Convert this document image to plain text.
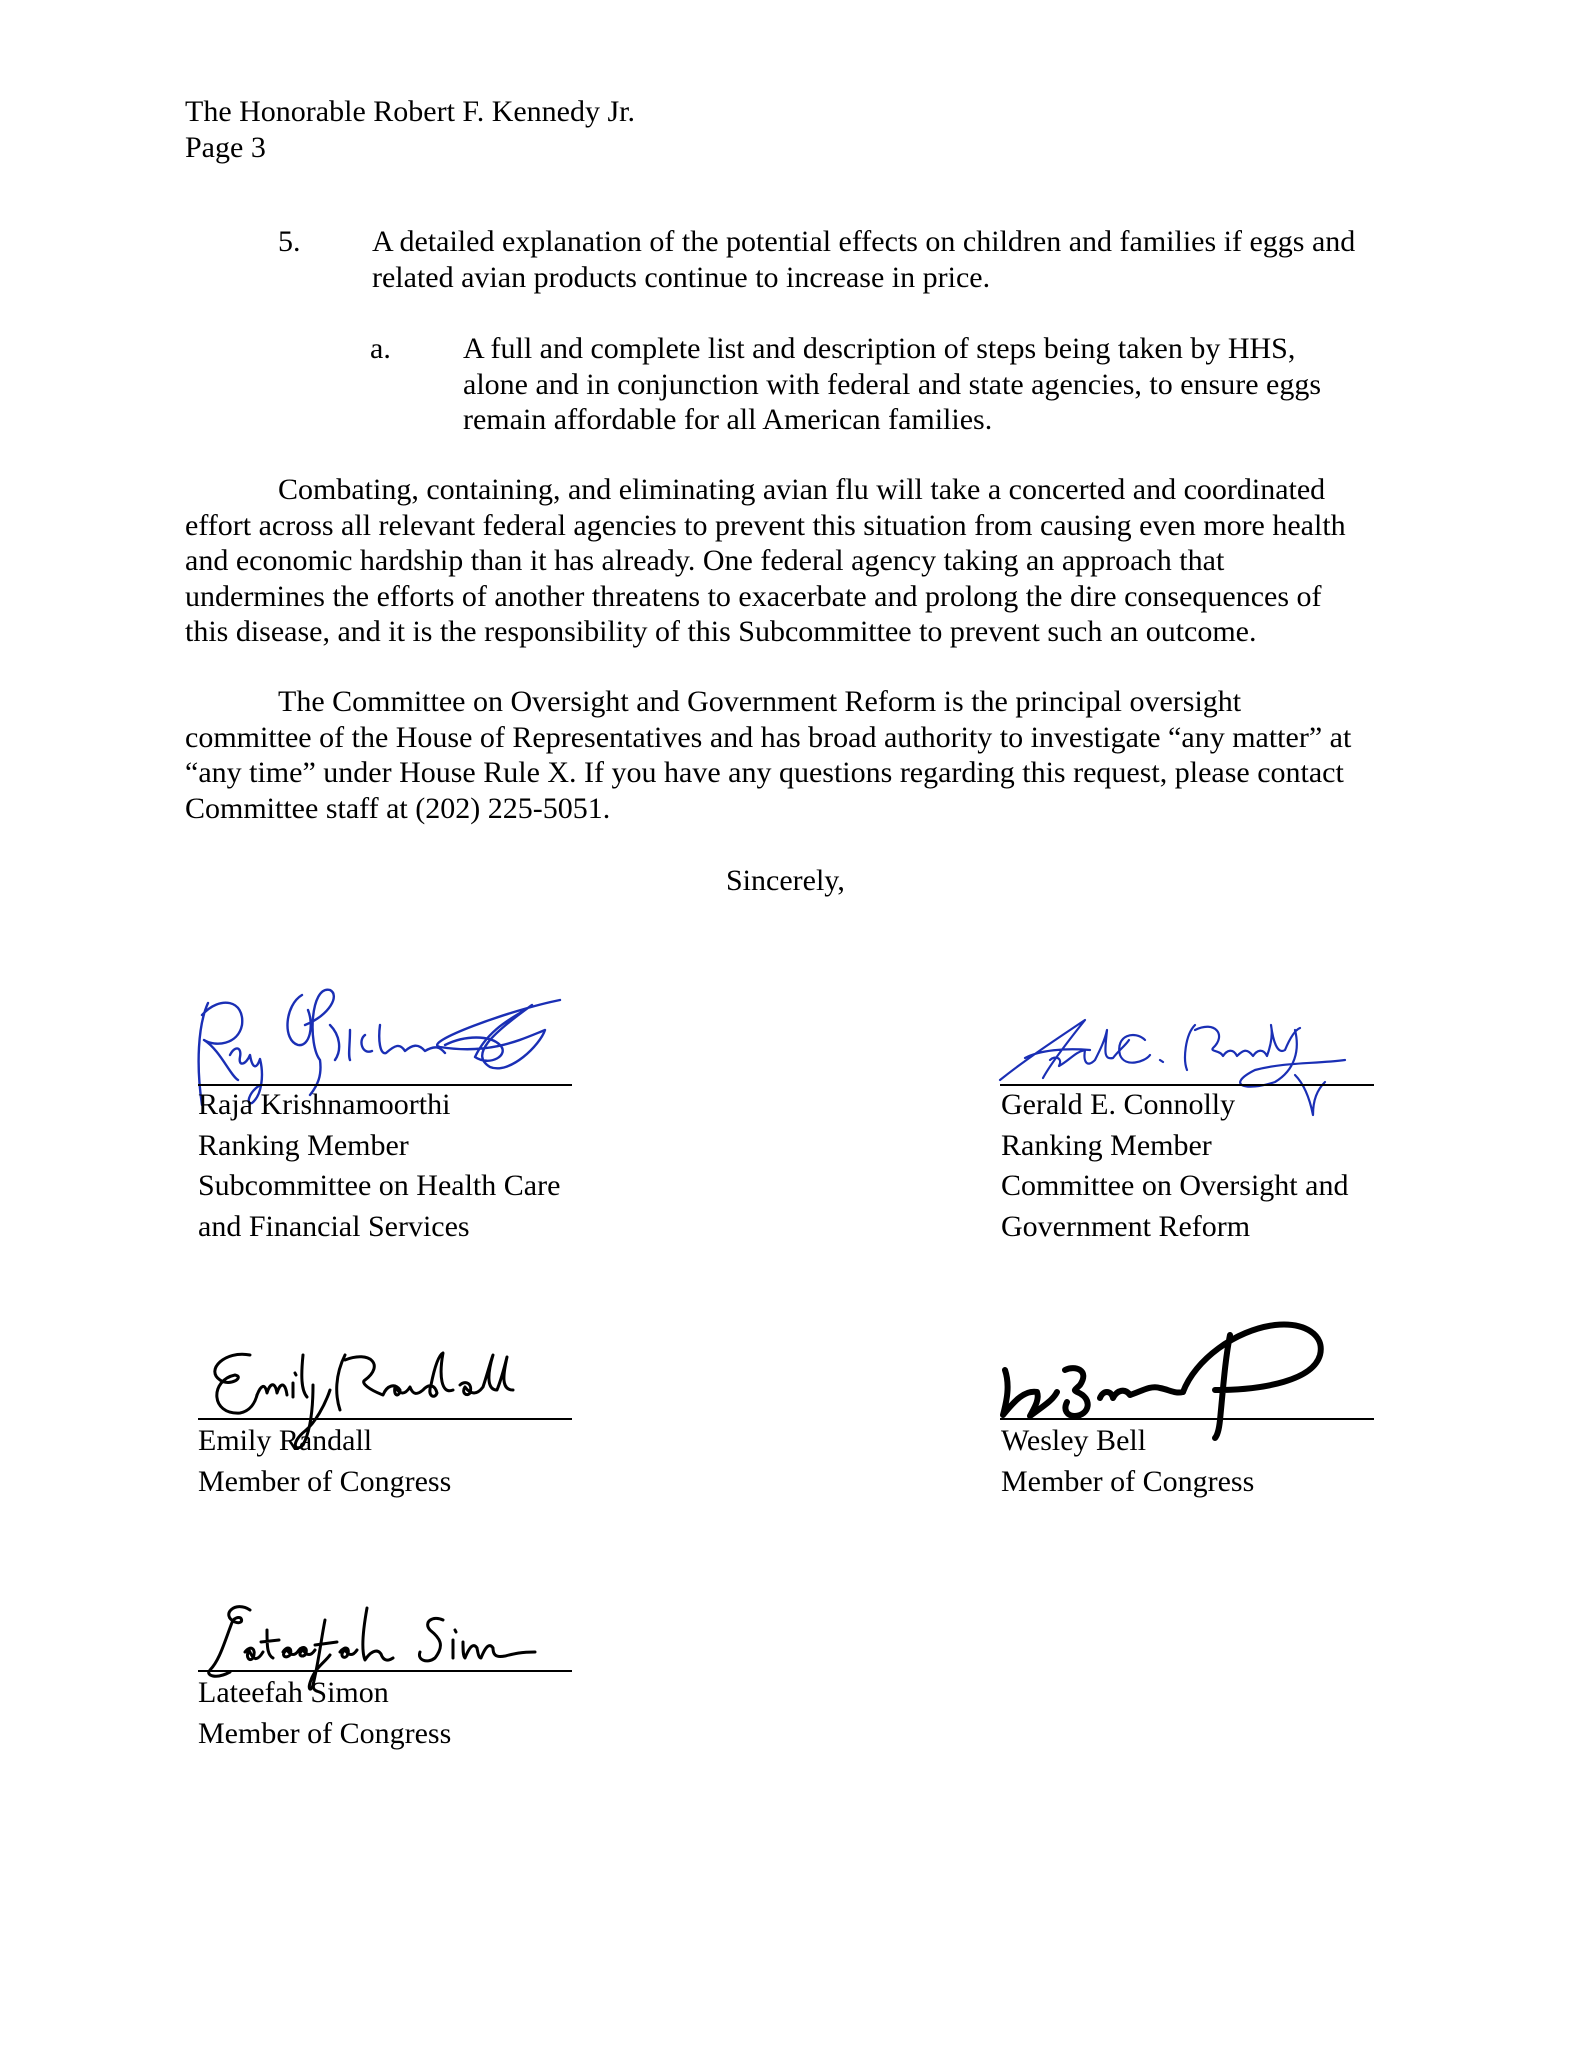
The Honorable Robert F. Kennedy Jr.
Page 3
5. A detailed explanation of the potential effects on children and families if eggs and
related avian products continue to increase in price.
a. A full and complete list and description of steps being taken by HHS,
alone and in conjunction with federal and state agencies, to ensure eggs
remain affordable for all American families.
Combating, containing, and eliminating avian flu will take a concerted and coordinated
effort across all relevant federal agencies to prevent this situation from causing even more health
and economic hardship than it has already. One federal agency taking an approach that
undermines the efforts of another threatens to exacerbate and prolong the dire consequences of
this disease, and it is the responsibility of this Subcommittee to prevent such an outcome.
The Committee on Oversight and Government Reform is the principal oversight
committee of the House of Representatives and has broad authority to investigate “any matter” at
“any time” under House Rule X. If you have any questions regarding this request, please contact
Committee staff at (202) 225-5051.
Sincerely,
Raja Krishnamoorthi
Ranking Member
Subcommittee on Health Care
and Financial Services
Gerald E. Connolly
Ranking Member
Committee on Oversight and
Government Reform
Emily Randall
Member of Congress
Wesley Bell
Member of Congress
Lateefah Simon
Member of Congress
